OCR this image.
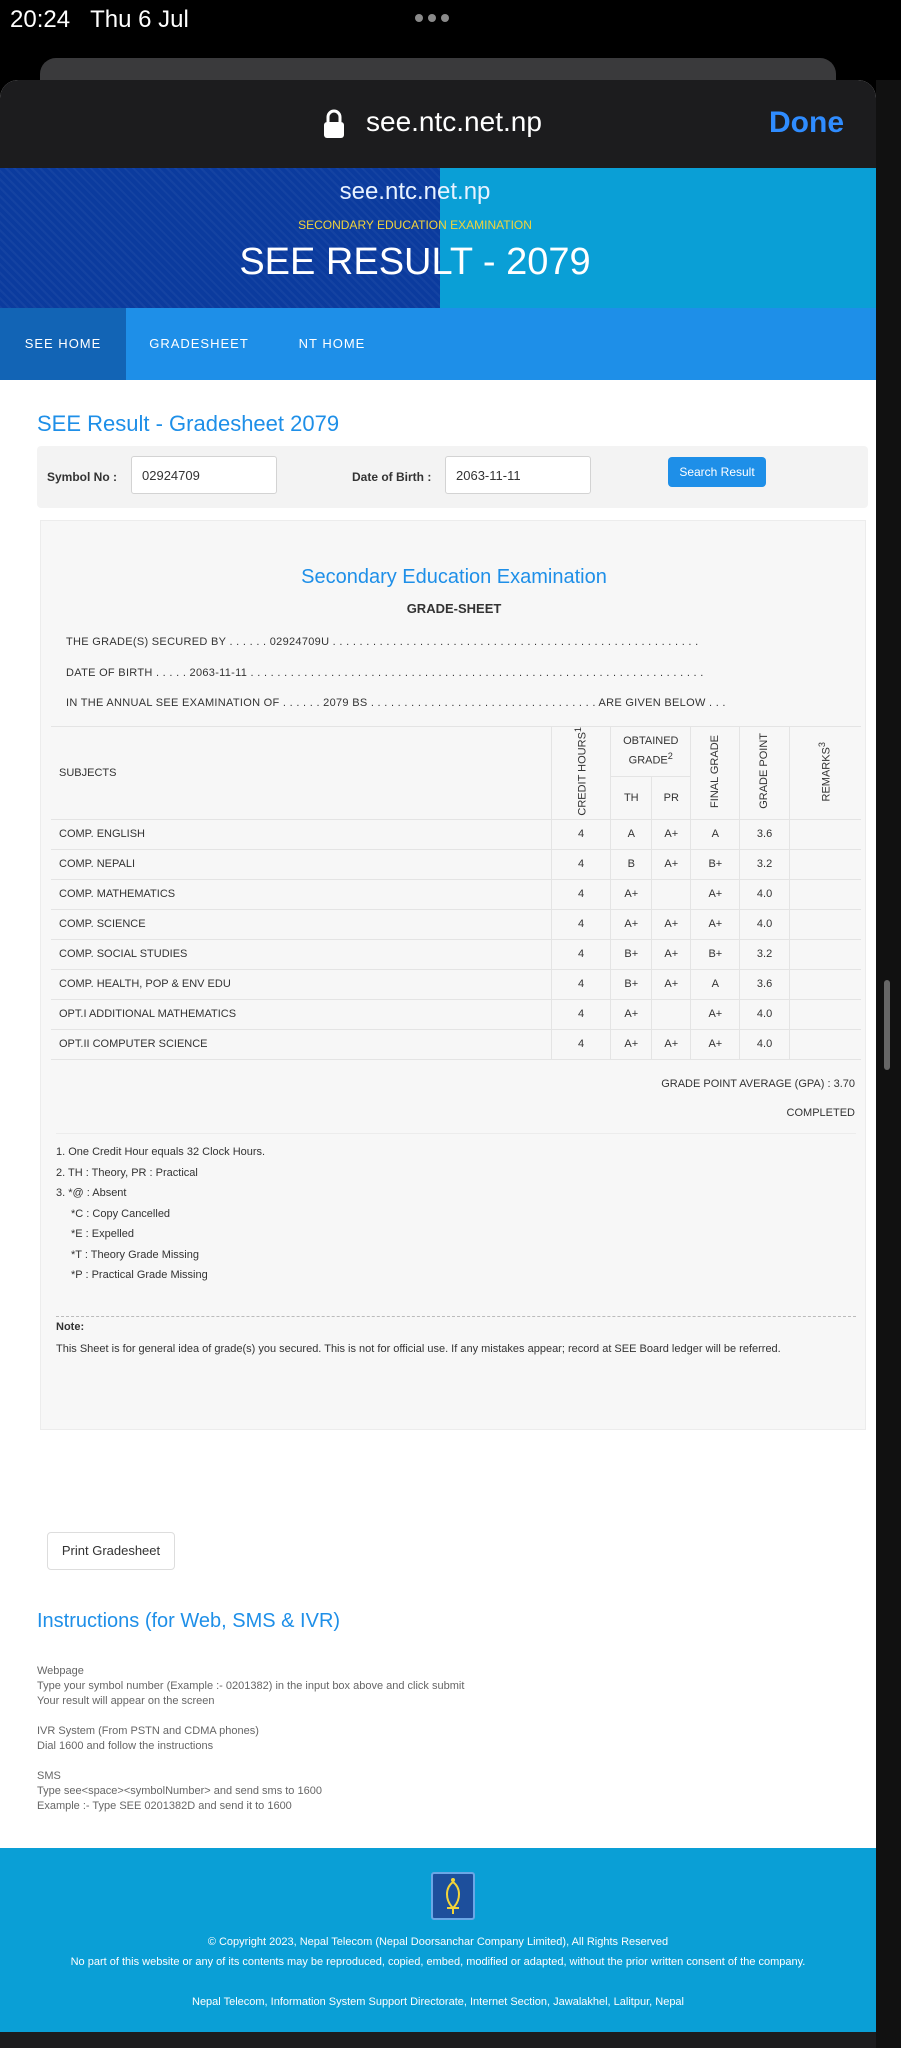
20:24 Thu 6 Jul
see.ntc.net.np	Done
see.ntc.net.np
SECONDARY EDUCATION EXAMINATION
SEE RESULT - 2079
SEE HOME	GRADESHEET	NT HOME
SEE Result - Gradesheet 2079
Symbol No :
02924709	Date of Birth :
2063-11-11	Search Result
Secondary Education Examination
GRADE-SHEET
THE GRADE(S) SECURED BY . . . . . . 02924709U . . . . . . . . . . . . . . . . . . . . . . . . . . . . . . . . . . . . . . . . . . . . . . . . . . . . . . .
DATE OF BIRTH . . . . . 2063-11-11 . . . . . . . . . . . . . . . . . . . . . . . . . . . . . . . . . . . . . . . . . . . . . . . . . . . . . . . . . . . . . . . . . . . .
IN THE ANNUAL SEE EXAMINATION OF . . . . . . 2079 BS . . . . . . . . . . . . . . . . . . . . . . . . . . . . . . . . . . ARE GIVEN BELOW . . .
SUBJECTS	CREDIT HOURS$^1$	OBTAINED GRADE$^2$		FINAL GRADE	GRADE POINT	REMARKS$^3$
		TH	PR			
COMP. ENGLISH	4	A	A+	A	3.6	
COMP. NEPALI	4	B	A+	B+	3.2	
COMP. MATHEMATICS	4	A+		A+	4.0	
COMP. SCIENCE	4	A+	A+	A+	4.0	
COMP. SOCIAL STUDIES	4	B+	A+	B+	3.2	
COMP. HEALTH, POP & ENV EDU	4	B+	A+	A	3.6	
OPT.I ADDITIONAL MATHEMATICS	4	A+		A+	4.0	
OPT.II COMPUTER SCIENCE	4	A+	A+	A+	4.0	
GRADE POINT AVERAGE (GPA) : 3.70
COMPLETED
1. One Credit Hour equals 32 Clock Hours.
2. TH : Theory, PR : Practical
3. *@ : Absent
*C : Copy Cancelled
*E : Expelled
*T : Theory Grade Missing
*P : Practical Grade Missing
Note:
This Sheet is for general idea of grade(s) you secured. This is not for official use. If any mistakes appear; record at SEE Board ledger will be referred.
Print Gradesheet
Instructions (for Web, SMS & IVR)

Webpage
Type your symbol number (Example :- 0201382) in the input box above and click submit
Your result will appear on the screen

IVR System (From PSTN and CDMA phones)
Dial 1600 and follow the instructions

SMS
Type see<space><symbolNumber> and send sms to 1600
Example :- Type SEE 0201382D and send it to 1600

© Copyright 2023, Nepal Telecom (Nepal Doorsanchar Company Limited), All Rights Reserved
No part of this website or any of its contents may be reproduced, copied, embed, modified or adapted, without the prior written consent of the company.
Nepal Telecom, Information System Support Directorate, Internet Section, Jawalakhel, Lalitpur, Nepal
